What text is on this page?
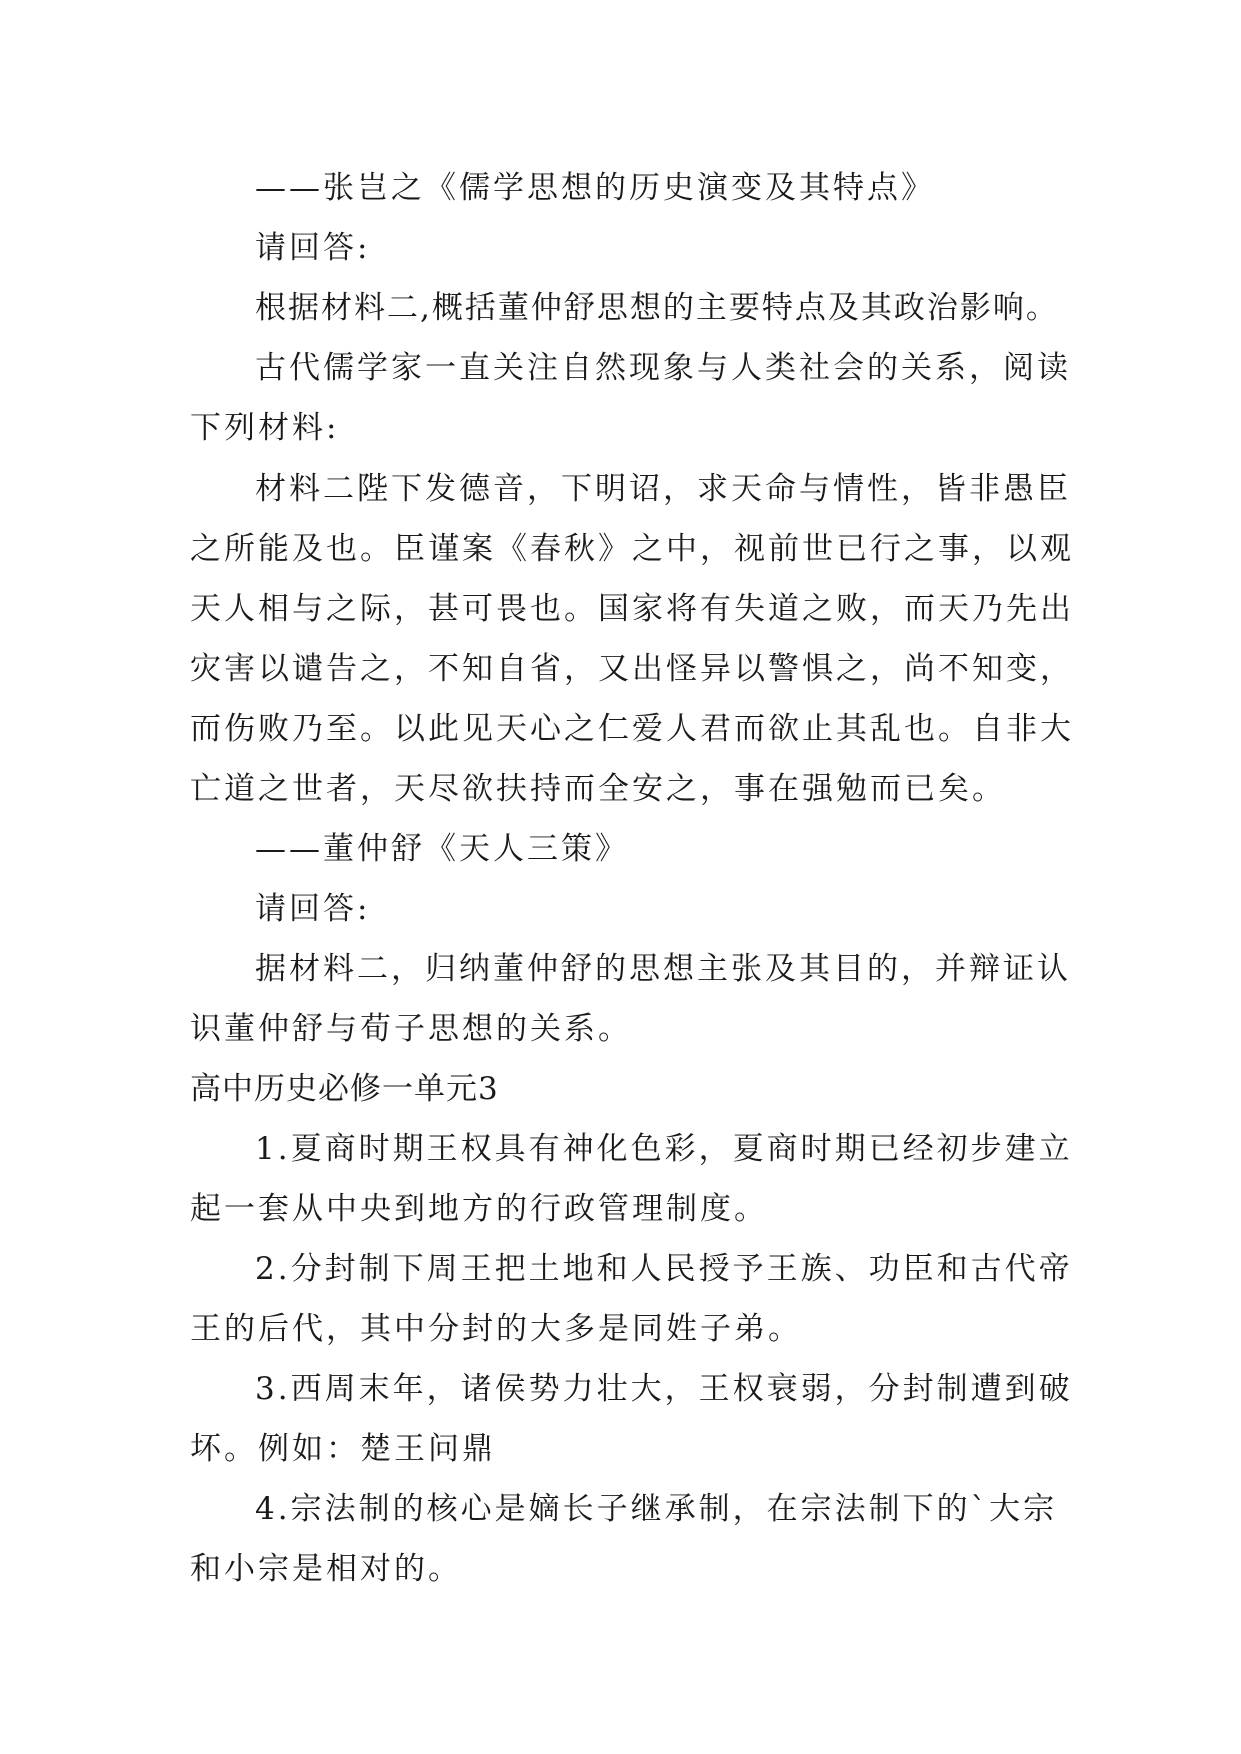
——张岂之《儒学思想的历史演变及其特点》
请回答:
根据材料二,概括董仲舒思想的主要特点及其政治影响。
古代儒学家一直关注自然现象与人类社会的关系，阅读
下列材料:
材料二陛下发德音，下明诏，求天命与情性，皆非愚臣
之所能及也。臣谨案《春秋》之中，视前世已行之事，以观
天人相与之际，甚可畏也。国家将有失道之败，而天乃先出
灾害以谴告之，不知自省，又出怪异以警惧之，尚不知变，
而伤败乃至。以此见天心之仁爱人君而欲止其乱也。自非大
亡道之世者，天尽欲扶持而全安之，事在强勉而已矣。
——董仲舒《天人三策》
请回答:
据材料二，归纳董仲舒的思想主张及其目的，并辩证认
识董仲舒与荀子思想的关系。
高中历史必修一单元3
1.夏商时期王权具有神化色彩，夏商时期已经初步建立
起一套从中央到地方的行政管理制度。
2.分封制下周王把土地和人民授予王族、功臣和古代帝
王的后代，其中分封的大多是同姓子弟。
3.西周末年，诸侯势力壮大，王权衰弱，分封制遭到破
坏。例如：楚王问鼎
4.宗法制的核心是嫡长子继承制，在宗法制下的`大宗
和小宗是相对的。
